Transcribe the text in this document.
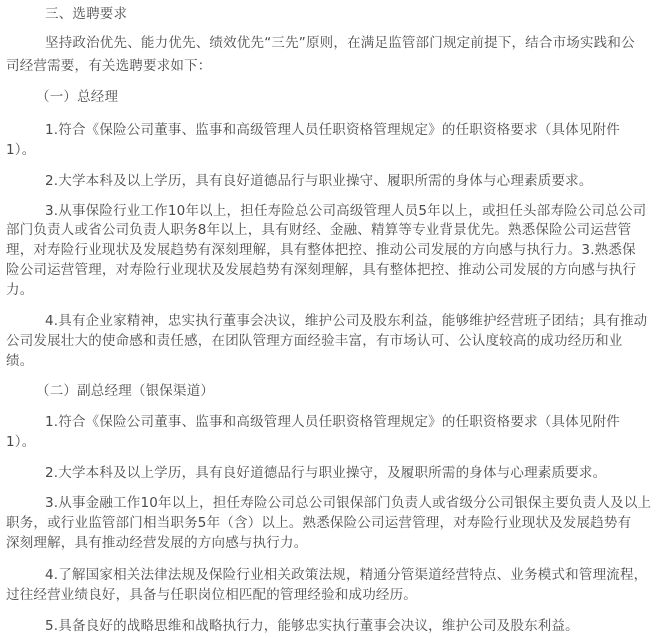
三、选聘要求
坚持政治优先、能力优先、绩效优先“三先”原则，在满足监管部门规定前提下，结合市场实践和公
司经营需要，有关选聘要求如下：
（一）总经理
1.符合《保险公司董事、监事和高级管理人员任职资格管理规定》的任职资格要求（具体见附件
1）。
2.大学本科及以上学历，具有良好道德品行与职业操守、履职所需的身体与心理素质要求。
3.从事保险行业工作10年以上，担任寿险总公司高级管理人员5年以上，或担任头部寿险公司总公司
部门负责人或省公司负责人职务8年以上，具有财经、金融、精算等专业背景优先。熟悉保险公司运营管
理，对寿险行业现状及发展趋势有深刻理解，具有整体把控、推动公司发展的方向感与执行力。3.熟悉保
险公司运营管理，对寿险行业现状及发展趋势有深刻理解，具有整体把控、推动公司发展的方向感与执行
力。
4.具有企业家精神，忠实执行董事会决议，维护公司及股东利益，能够维护经营班子团结；具有推动
公司发展壮大的使命感和责任感，在团队管理方面经验丰富，有市场认可、公认度较高的成功经历和业
绩。
（二）副总经理（银保渠道）
1.符合《保险公司董事、监事和高级管理人员任职资格管理规定》的任职资格要求（具体见附件
1）。
2.大学本科及以上学历，具有良好道德品行与职业操守，及履职所需的身体与心理素质要求。
3.从事金融工作10年以上，担任寿险公司总公司银保部门负责人或省级分公司银保主要负责人及以上
职务，或行业监管部门相当职务5年（含）以上。熟悉保险公司运营管理，对寿险行业现状及发展趋势有
深刻理解，具有推动经营发展的方向感与执行力。
4.了解国家相关法律法规及保险行业相关政策法规，精通分管渠道经营特点、业务模式和管理流程，
过往经营业绩良好，具备与任职岗位相匹配的管理经验和成功经历。
5.具备良好的战略思维和战略执行力，能够忠实执行董事会决议，维护公司及股东利益。
